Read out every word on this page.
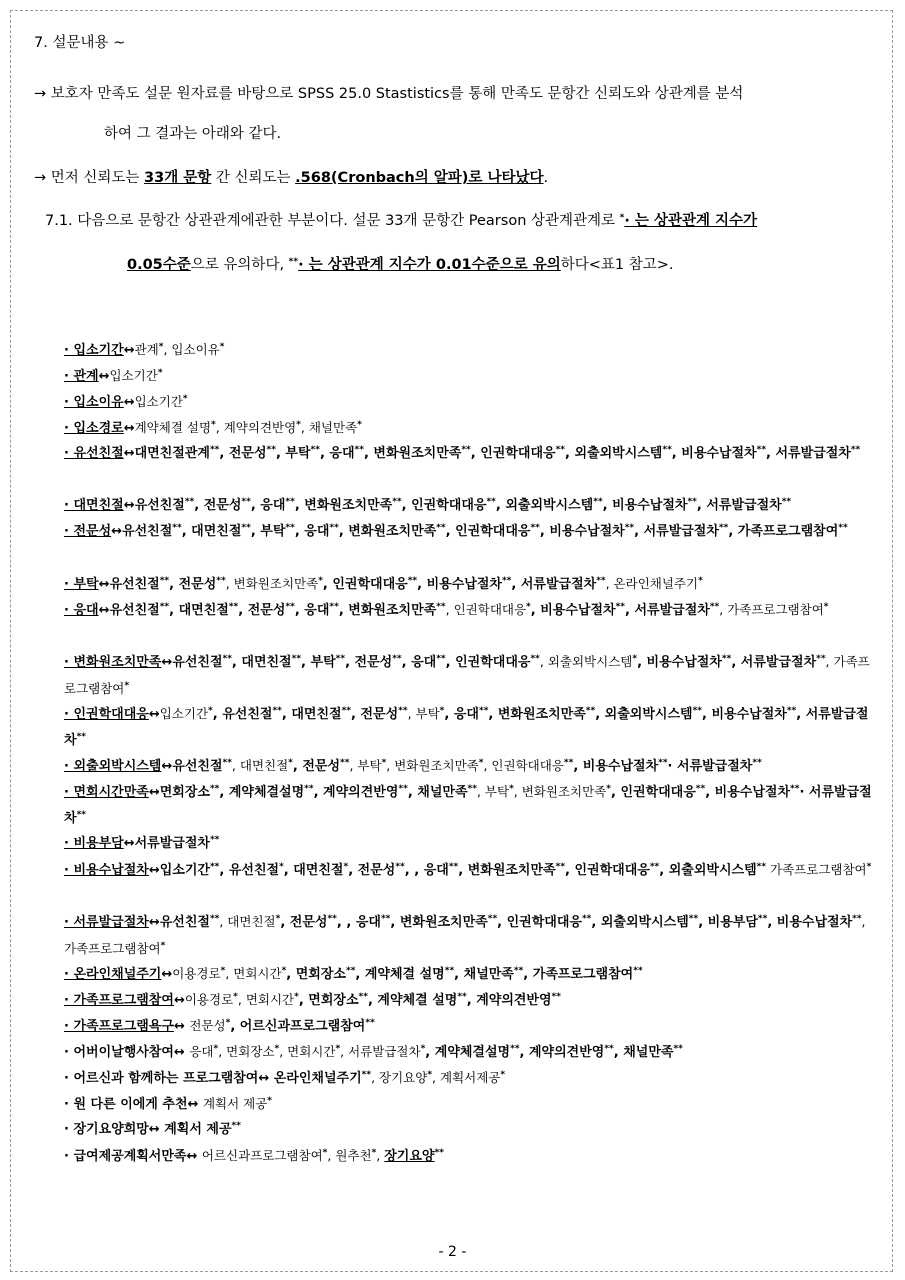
7. 설문내용 ~
→ 보호자 만족도 설문 원자료를 바탕으로 SPSS 25.0 Stastistics를 통해 만족도 문항간 신뢰도와 상관계를 분석
하여 그 결과는 아래와 같다.
→ 먼저 신뢰도는 33개 문항 간 신뢰도는 .568(Cronbach의 알파)로 나타났다.
7.1. 다음으로 문항간 상관관계에관한 부분이다. 설문 33개 문항간 Pearson 상관계관계로 *· 는 상관관계 지수가
0.05수준으로 유의하다, **· 는 상관관계 지수가 0.01수준으로 유의하다<표1 참고>.
· 입소기간↔관계*, 입소이유*
· 관계↔입소기간*
· 입소이유↔입소기간*
· 입소경로↔계약체결 설명*, 계약의견반영*, 채널만족*
· 유선친절↔대면친절관계**, 전문성**, 부탁**, 응대**, 변화원조치만족**, 인권학대대응**, 외출외박시스템**, 비용수납절차**, 서류발급절차**
· 대면친절↔유선친절**, 전문성**, 응대**, 변화원조치만족**, 인권학대대응**, 외출외박시스템**, 비용수납절차**, 서류발급절차**
· 전문성↔유선친절**, 대면친절**, 부탁**, 응대**, 변화원조치만족**, 인권학대대응**, 비용수납절차**, 서류발급절차**, 가족프로그램참여**
· 부탁↔유선친절**, 전문성**, 변화원조치만족*, 인권학대대응**, 비용수납절차**, 서류발급절차**, 온라인채널주기*
· 응대↔유선친절**, 대면친절**, 전문성**, 응대**, 변화원조치만족**, 인권학대대응*, 비용수납절차**, 서류발급절차**, 가족프로그램참여*
· 변화원조치만족↔유선친절**, 대면친절**, 부탁**, 전문성**, 응대**, 인권학대대응**, 외출외박시스템*, 비용수납절차**, 서류발급절차**, 가족프로그램참여*
· 인권학대대응↔입소기간*, 유선친절**, 대면친절**, 전문성**, 부탁*, 응대**, 변화원조치만족**, 외출외박시스템**, 비용수납절차**, 서류발급절차**
· 외출외박시스템↔유선친절**, 대면친절*, 전문성**, 부탁*, 변화원조치만족*, 인권학대대응**, 비용수납절차**· 서류발급절차**
· 면회시간만족↔면회장소**, 계약체결설명**, 계약의견반영**, 채널만족**, 부탁*, 변화원조치만족*, 인권학대대응**, 비용수납절차**· 서류발급절차**
· 비용부담↔서류발급절차**
· 비용수납절차↔입소기간**, 유선친절*, 대면친절*, 전문성**, , 응대**, 변화원조치만족**, 인권학대대응**, 외출외박시스템** 가족프로그램참여*
· 서류발급절차↔유선친절**, 대면친절*, 전문성**, , 응대**, 변화원조치만족**, 인권학대대응**, 외출외박시스템**, 비용부담**, 비용수납절차**, 가족프로그램참여*
· 온라인채널주기↔이용경로*, 면회시간*, 면회장소**, 계약체결 설명**, 채널만족**, 가족프로그램참여**
· 가족프로그램참여↔이용경로*, 면회시간*, 면회장소**, 계약체결 설명**, 계약의견반영**
· 가족프로그램욕구↔ 전문성*, 어르신과프로그램참여**
· 어버이날행사참여↔ 응대*, 면회장소*, 면회시간*, 서류발급절차*, 계약체결설명**, 계약의견반영**, 채널만족**
· 어르신과 함께하는 프로그램참여↔ 온라인채널주기**, 장기요양*, 계획서제공*
· 원 다른 이에게 추천↔ 계획서 제공*
· 장기요양희망↔ 계획서 제공**
· 급여제공계획서만족↔ 어르신과프로그램참여*, 원추천*, 장기요양**
- 2 -
